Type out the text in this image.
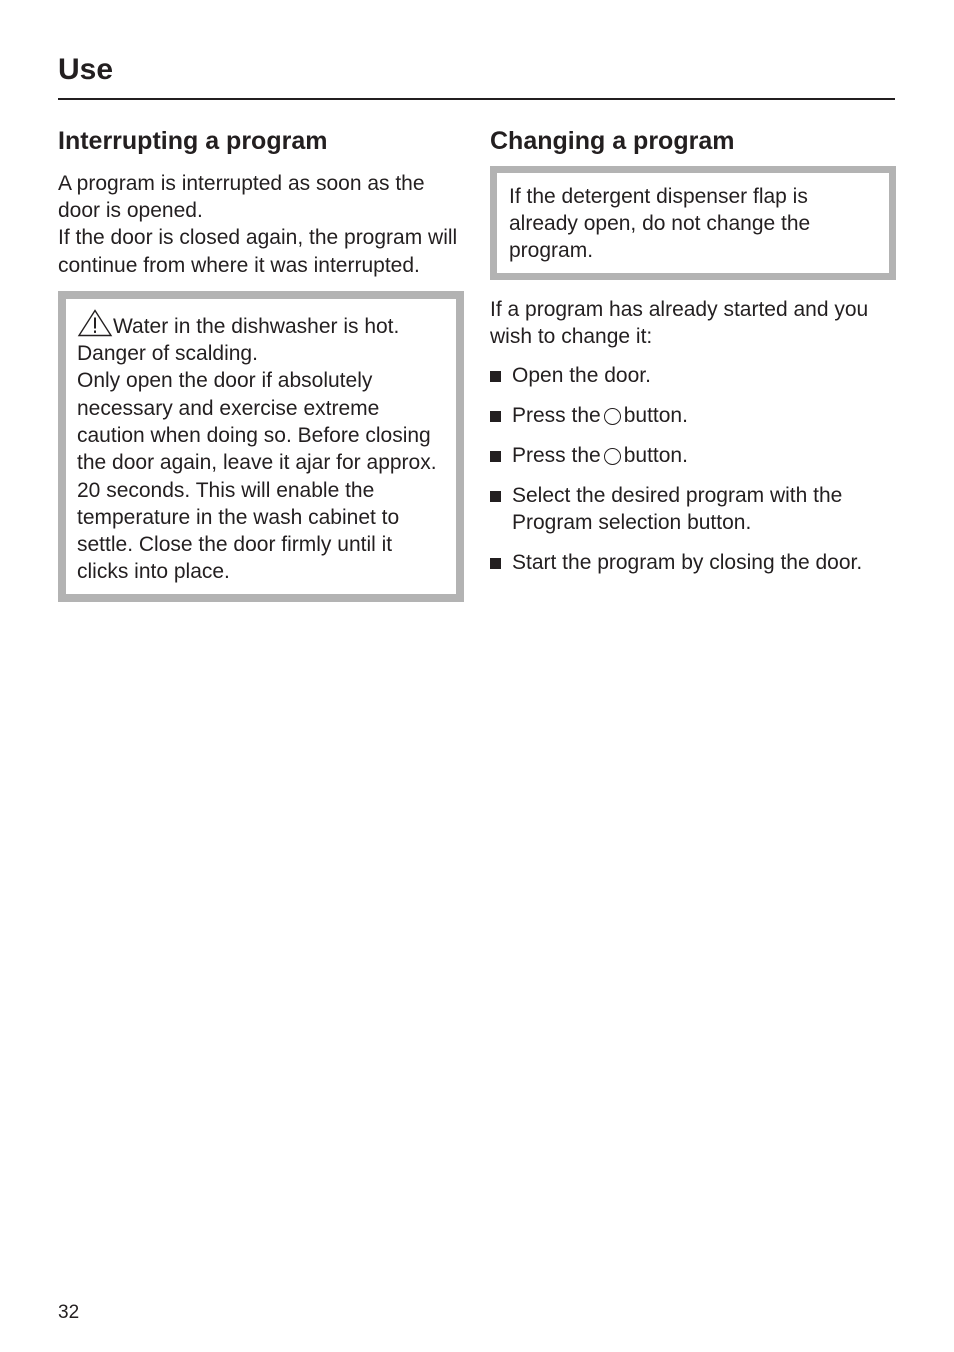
Use
Interrupting a program

A program is interrupted as soon as the door is opened.
If the door is closed again, the program will continue from where it was interrupted.

Water in the dishwasher is hot.
Danger of scalding.
Only open the door if absolutely necessary and exercise extreme caution when doing so. Before closing the door again, leave it ajar for approx. 20 seconds. This will enable the temperature in the wash cabinet to settle. Close the door firmly until it clicks into place.
Changing a program
If the detergent dispenser flap is already open, do not change the program.

If a program has already started and you wish to change it:

Open the door.
Press the button.
Press the button.
Select the desired program with the Program selection button.
Start the program by closing the door.
32
